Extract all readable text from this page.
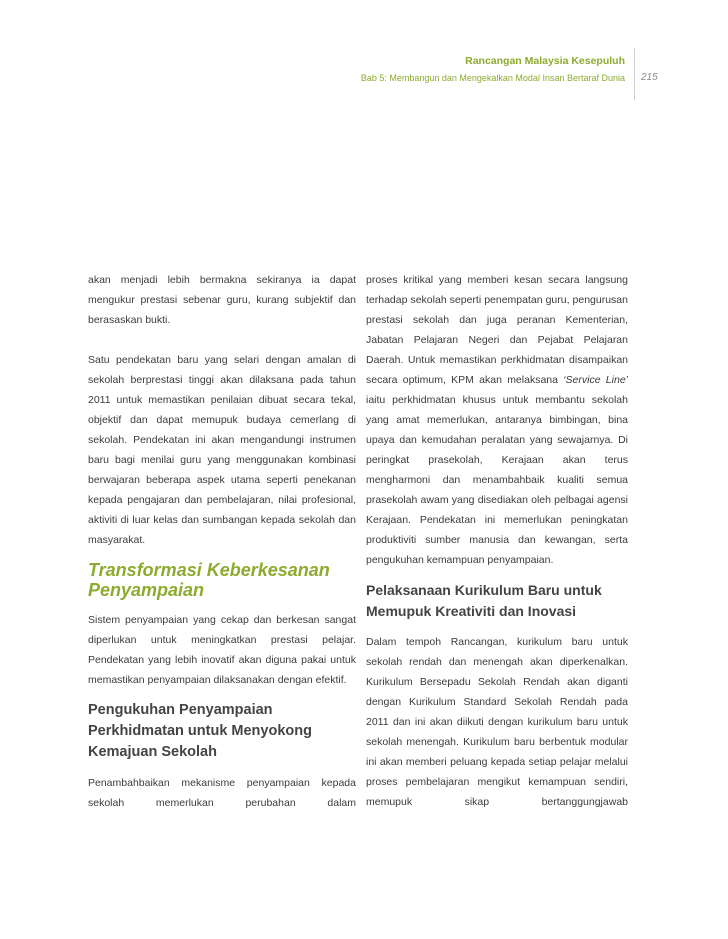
Rancangan Malaysia Kesepuluh
Bab 5: Membangun dan Mengekalkan Modal Insan Bertaraf Dunia 215

akan menjadi lebih bermakna sekiranya ia dapat mengukur prestasi sebenar guru, kurang subjektif dan berasaskan bukti.

Satu pendekatan baru yang selari dengan amalan di sekolah berprestasi tinggi akan dilaksana pada tahun 2011 untuk memastikan penilaian dibuat secara tekal, objektif dan dapat memupuk budaya cemerlang di sekolah. Pendekatan ini akan mengandungi instrumen baru bagi menilai guru yang menggunakan kombinasi berwajaran beberapa aspek utama seperti penekanan kepada pengajaran dan pembelajaran, nilai profesional, aktiviti di luar kelas dan sumbangan kepada sekolah dan masyarakat.

Transformasi Keberkesanan
Penyampaian

Sistem penyampaian yang cekap dan berkesan sangat diperlukan untuk meningkatkan prestasi pelajar. Pendekatan yang lebih inovatif akan diguna pakai untuk memastikan penyampaian dilaksanakan dengan efektif.

Pengukuhan Penyampaian
Perkhidmatan untuk Menyokong
Kemajuan Sekolah

Penambahbaikan mekanisme penyampaian kepada sekolah memerlukan perubahan dalam

proses kritikal yang memberi kesan secara langsung terhadap sekolah seperti penempatan guru, pengurusan prestasi sekolah dan juga peranan Kementerian, Jabatan Pelajaran Negeri dan Pejabat Pelajaran Daerah. Untuk memastikan perkhidmatan disampaikan secara optimum, KPM akan melaksana ‘Service Line’ iaitu perkhidmatan khusus untuk membantu sekolah yang amat memerlukan, antaranya bimbingan, bina upaya dan kemudahan peralatan yang sewajarnya. Di peringkat prasekolah, Kerajaan akan terus mengharmoni dan menambahbaik kualiti semua prasekolah awam yang disediakan oleh pelbagai agensi Kerajaan. Pendekatan ini memerlukan peningkatan produktiviti sumber manusia dan kewangan, serta pengukuhan kemampuan penyampaian.

Pelaksanaan Kurikulum Baru untuk
Memupuk Kreativiti dan Inovasi

Dalam tempoh Rancangan, kurikulum baru untuk sekolah rendah dan menengah akan diperkenalkan. Kurikulum Bersepadu Sekolah Rendah akan diganti dengan Kurikulum Standard Sekolah Rendah pada 2011 dan ini akan diikuti dengan kurikulum baru untuk sekolah menengah. Kurikulum baru berbentuk modular ini akan memberi peluang kepada setiap pelajar melalui proses pembelajaran mengikut kemampuan sendiri, memupuk sikap bertanggungjawab
